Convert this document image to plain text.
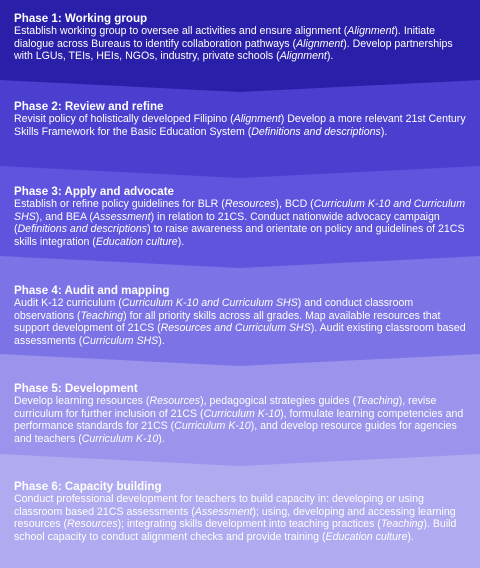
Phase 1: Working group
Establish working group to oversee all activities and ensure alignment (Alignment). Initiate dialogue across Bureaus to identify collaboration pathways (Alignment). Develop partnerships with LGUs, TEIs, HEIs, NGOs, industry, private schools (Alignment).
Phase 2: Review and refine
Revisit policy of holistically developed Filipino (Alignment) Develop a more relevant 21st Century Skills Framework for the Basic Education System (Definitions and descriptions).
Phase 3: Apply and advocate
Establish or refine policy guidelines for BLR (Resources), BCD (Curriculum K-10 and Curriculum SHS), and BEA (Assessment) in relation to 21CS. Conduct nationwide advocacy campaign (Definitions and descriptions) to raise awareness and orientate on policy and guidelines of 21CS skills integration (Education culture).
Phase 4: Audit and mapping
Audit K-12 curriculum (Curriculum K-10 and Curriculum SHS) and conduct classroom observations (Teaching) for all priority skills across all grades. Map available resources that support development of 21CS (Resources and Curriculum SHS). Audit existing classroom based assessments (Curriculum SHS).
Phase 5: Development
Develop learning resources (Resources), pedagogical strategies guides (Teaching), revise curriculum for further inclusion of 21CS (Curriculum K-10), formulate learning competencies and performance standards for 21CS (Curriculum K-10), and develop resource guides for agencies and teachers (Curriculum K-10).
Phase 6: Capacity building
Conduct professional development for teachers to build capacity in: developing or using classroom based 21CS assessments (Assessment); using, developing and accessing learning resources (Resources); integrating skills development into teaching practices (Teaching). Build school capacity to conduct alignment checks and provide training (Education culture).
